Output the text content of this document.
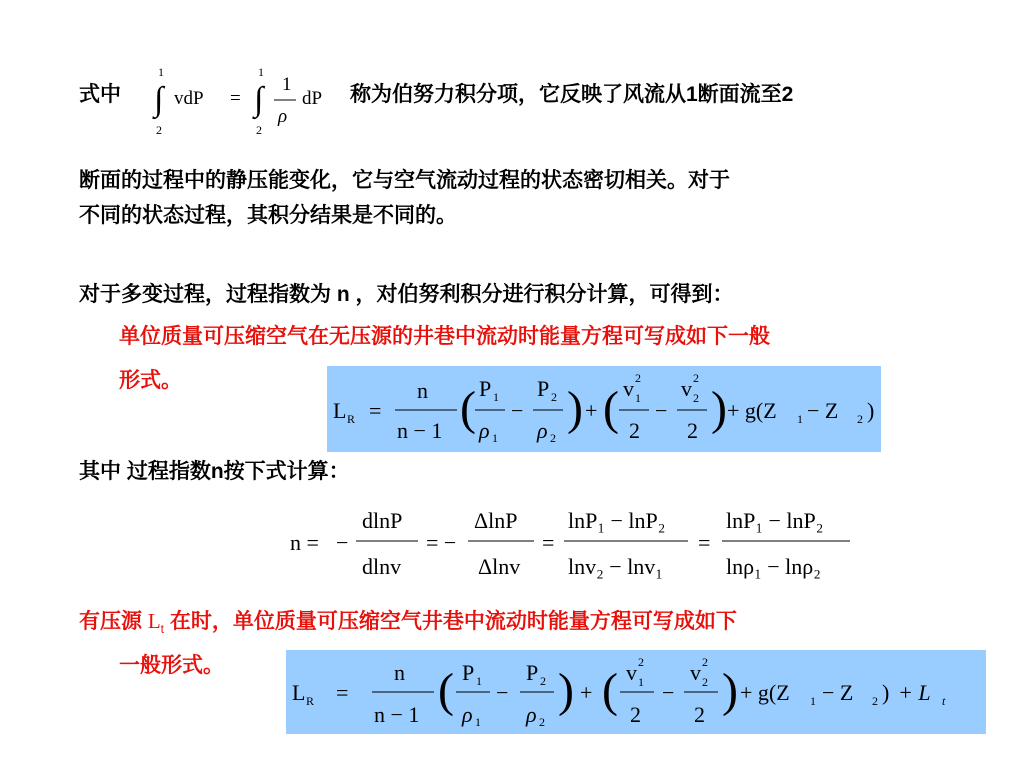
式中
1
∫
2
vdP =
1
∫
2
1
ρ
dP 称为伯努力积分项，它反映了风流从1断面流至2
断面的过程中的静压能变化，它与空气流动过程的状态密切相关。对于
不同的状态过程，其积分结果是不同的。
对于多变过程，过程指数为 n ，对伯努利积分进行积分计算，可得到：
单位质量可压缩空气在无压源的井巷中流动时能量方程可写成如下一般
形式。
L R =
n
n − 1 ( P 1
ρ 1
−
P 2
ρ 2
) + ( v 2
1
2
−
v 2
2
2 ) + g(Z 1 − Z 2 )
其中 过程指数n按下式计算：
n = −
dlnP
dlnv
= −
ΔlnP
Δlnv
=
lnP₁ − lnP₂
lnv₂ − lnv₁
=
lnP₁ − lnP₂
lnρ₁ − lnρ₂
有压源 $L_t$ 在时，单位质量可压缩空气井巷中流动时能量方程可写成如下
一般形式。
L R =
n
n − 1 ( P 1
ρ 1
−
P 2
ρ 2
) + ( v 2
1
2
−
v 2
2
2 ) + g(Z 1 − Z 2 ) + L t
